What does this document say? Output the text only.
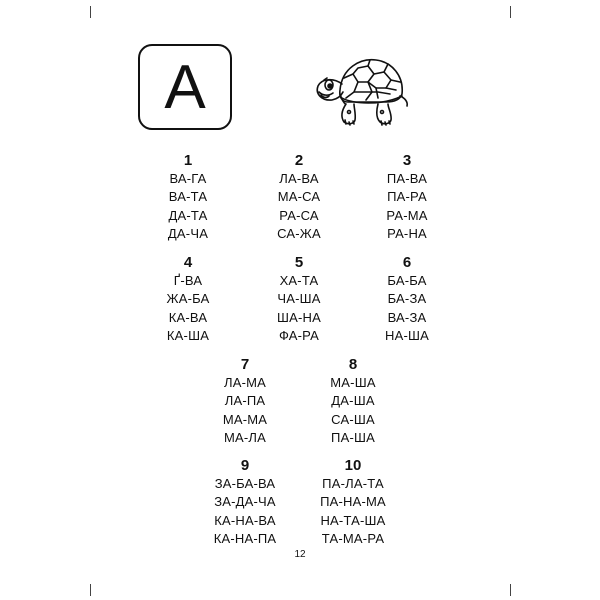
А
1
ВА-ГА
ВА-ТА
ДА-ТА
ДА-ЧА
2
ЛА-ВА
МА-СА
РА-СА
СА-ЖА
3
ПА-ВА
ПА-РА
РА-МА
РА-НА
4
Ґ-ВА
ЖА-БА
КА-ВА
КА-ША
5
ХА-ТА
ЧА-ША
ША-НА
ФА-РА
6
БА-БА
БА-ЗА
ВА-ЗА
НА-ША
7
ЛА-МА
ЛА-ПА
МА-МА
МА-ЛА
8
МА-ША
ДА-ША
СА-ША
ПА-ША
9
ЗА-БА-ВА
ЗА-ДА-ЧА
КА-НА-ВА
КА-НА-ПА
10
ПА-ЛА-ТА
ПА-НА-МА
НА-ТА-ША
ТА-МА-РА
12
